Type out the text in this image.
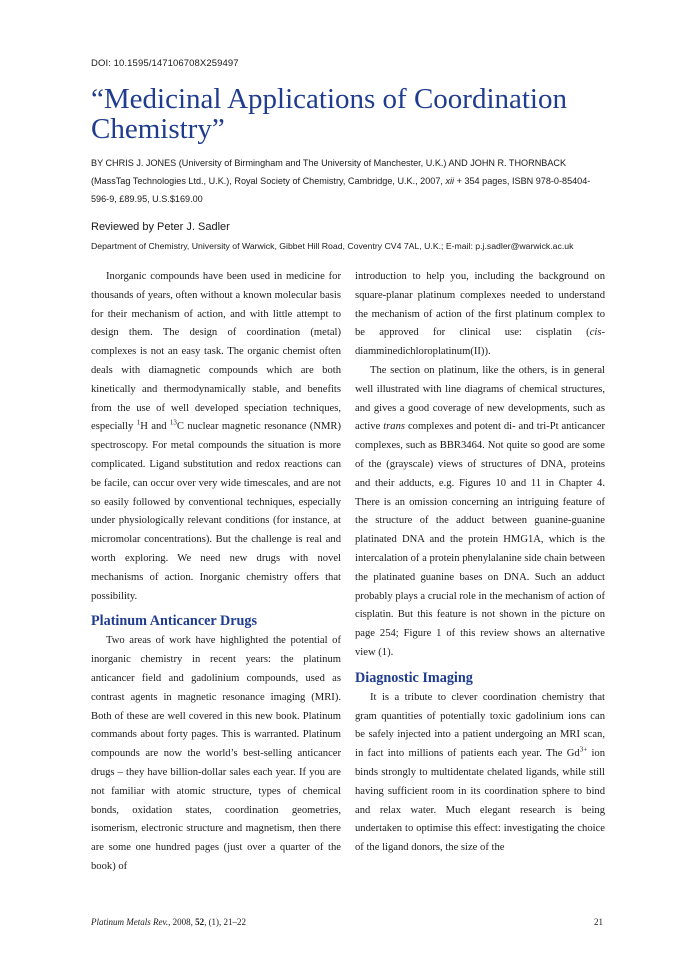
DOI: 10.1595/147106708X259497
“Medicinal Applications of Coordination Chemistry”

BY CHRIS J. JONES (University of Birmingham and The University of Manchester, U.K.) AND JOHN R. THORNBACK (MassTag Technologies Ltd., U.K.), Royal Society of Chemistry, Cambridge, U.K., 2007, xii + 354 pages, ISBN 978-0-85404-596-9, £89.95, U.S.$169.00

Reviewed by Peter J. Sadler
Department of Chemistry, University of Warwick, Gibbet Hill Road, Coventry CV4 7AL, U.K.; E-mail: p.j.sadler@warwick.ac.uk

Inorganic compounds have been used in medicine for thousands of years, often without a known molecular basis for their mechanism of action, and with little attempt to design them. The design of coordination (metal) complexes is not an easy task. The organic chemist often deals with diamagnetic compounds which are both kinetically and thermodynamically stable, and benefits from the use of well developed speciation techniques, especially $^1$H and $^{13}$C nuclear magnetic resonance (NMR) spectroscopy. For metal compounds the situation is more complicated. Ligand substitution and redox reactions can be facile, can occur over very wide timescales, and are not so easily followed by conventional techniques, especially under physiologically relevant conditions (for instance, at micromolar concentrations). But the challenge is real and worth exploring. We need new drugs with novel mechanisms of action. Inorganic chemistry offers that possibility.

Platinum Anticancer Drugs

Two areas of work have highlighted the potential of inorganic chemistry in recent years: the platinum anticancer field and gadolinium compounds, used as contrast agents in magnetic resonance imaging (MRI). Both of these are well covered in this new book. Platinum commands about forty pages. This is warranted. Platinum compounds are now the world’s best-selling anticancer drugs – they have billion-dollar sales each year. If you are not familiar with atomic structure, types of chemical bonds, oxidation states, coordination geometries, isomerism, electronic structure and magnetism, then there are some one hundred pages (just over a quarter of the book) of

introduction to help you, including the background on square-planar platinum complexes needed to understand the mechanism of action of the first platinum complex to be approved for clinical use: cisplatin (cis-diamminedichloroplatinum(II)).

The section on platinum, like the others, is in general well illustrated with line diagrams of chemical structures, and gives a good coverage of new developments, such as active trans complexes and potent di- and tri-Pt anticancer complexes, such as BBR3464. Not quite so good are some of the (grayscale) views of structures of DNA, proteins and their adducts, e.g. Figures 10 and 11 in Chapter 4. There is an omission concerning an intriguing feature of the structure of the adduct between guanine-guanine platinated DNA and the protein HMG1A, which is the intercalation of a protein phenylalanine side chain between the platinated guanine bases on DNA. Such an adduct probably plays a crucial role in the mechanism of action of cisplatin. But this feature is not shown in the picture on page 254; Figure 1 of this review shows an alternative view (1).

Diagnostic Imaging

It is a tribute to clever coordination chemistry that gram quantities of potentially toxic gadolinium ions can be safely injected into a patient undergoing an MRI scan, in fact into millions of patients each year. The $Gd^{3+}$ ion binds strongly to multidentate chelated ligands, while still having sufficient room in its coordination sphere to bind and relax water. Much elegant research is being undertaken to optimise this effect: investigating the choice of the ligand donors, the size of the

Platinum Metals Rev., 2008, 52, (1), 21–22	21
